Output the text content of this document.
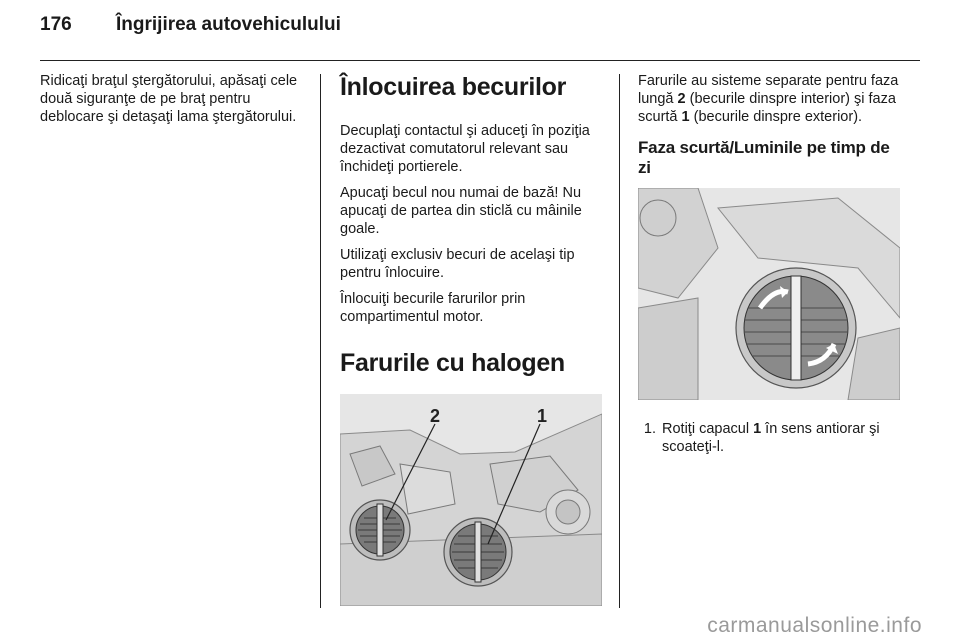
176 Îngrijirea autovehiculului

Ridicaţi braţul ştergătorului, apăsaţi cele două siguranţe de pe braţ pentru deblocare şi detaşaţi lama ştergătorului.

Înlocuirea becurilor

Decuplaţi contactul şi aduceţi în poziţia dezactivat comutatorul relevant sau închideţi portierele.

Apucaţi becul nou numai de bază! Nu apucaţi de partea din sticlă cu mâinile goale.

Utilizaţi exclusiv becuri de acelaşi tip pentru înlocuire.

Înlocuiţi becurile farurilor prin compartimentul motor.

Farurile cu halogen
2	1

Farurile au sisteme separate pentru faza lungă 2 (becurile dinspre interior) şi faza scurtă 1 (becurile dinspre exterior).

Faza scurtă/Luminile pe timp de zi
1. Rotiţi capacul 1 în sens antiorar şi scoateţi-l.
carmanualsonline.info
